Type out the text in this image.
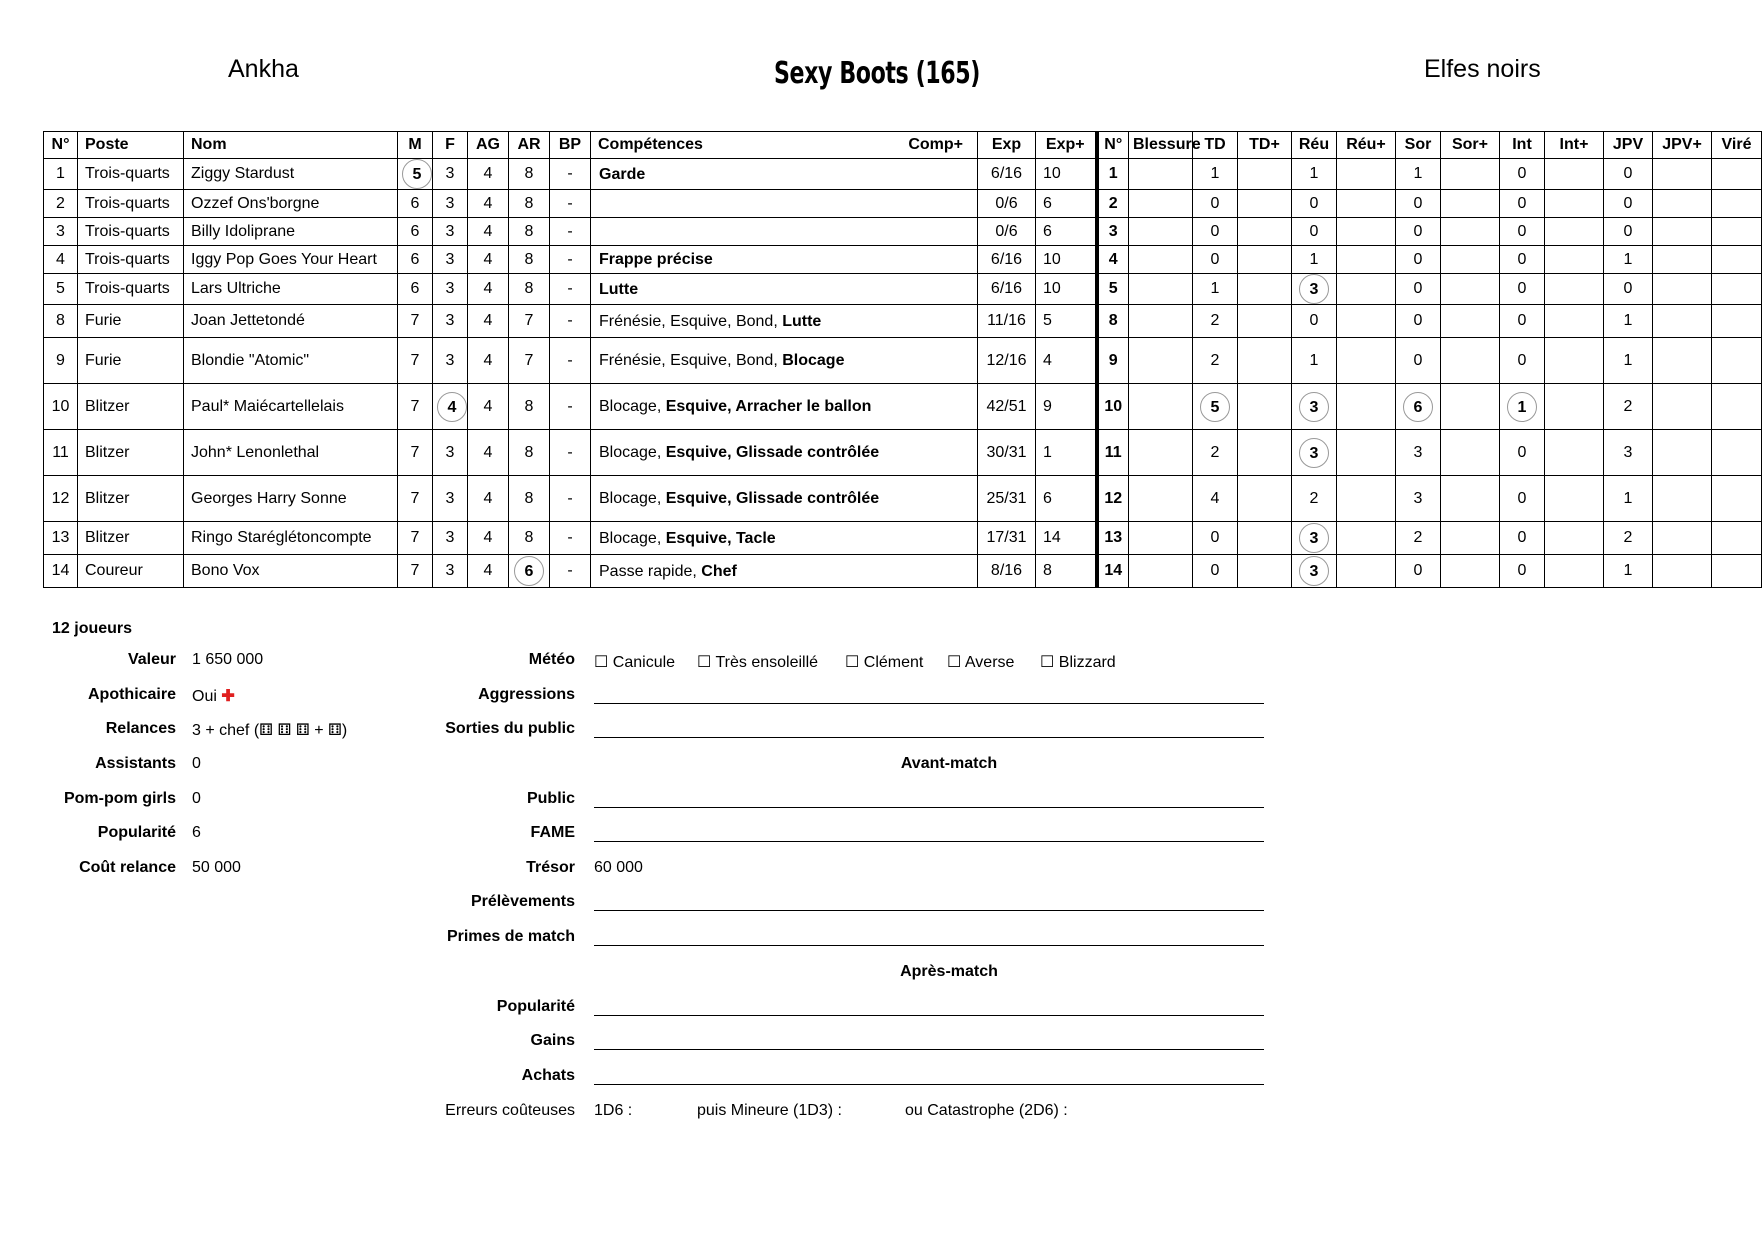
Ankha	Sexy Boots (165)	Elfes noirs
N°	Poste	Nom	M	F	AG	AR	BP	Compétences Comp+	Exp	Exp+	N°	Blessure	TD	TD+	Réu	Réu+	Sor	Sor+	Int	Int+	JPV	JPV+	Viré
1	Trois-quarts	Ziggy Stardust	5	3	4	8	-	Garde	6/16	10	1		1		1		1		0		0		
2	Trois-quarts	Ozzef Ons'borgne	6	3	4	8	-		0/6	6	2		0		0		0		0		0		
3	Trois-quarts	Billy Idoliprane	6	3	4	8	-		0/6	6	3		0		0		0		0		0		
4	Trois-quarts	Iggy Pop Goes Your Heart	6	3	4	8	-	Frappe précise	6/16	10	4		0		1		0		0		1		
5	Trois-quarts	Lars Ultriche	6	3	4	8	-	Lutte	6/16	10	5		1		3		0		0		0		
8	Furie	Joan Jettetondé	7	3	4	7	-	Frénésie, Esquive, Bond, Lutte	11/16	5	8		2		0		0		0		1		
9	Furie	Blondie "Atomic"	7	3	4	7	-	Frénésie, Esquive, Bond, Blocage	12/16	4	9		2		1		0		0		1		
10	Blitzer	Paul* Maiécartellelais	7	4	4	8	-	Blocage, Esquive, Arracher le ballon	42/51	9	10		5		3		6		1		2		
11	Blitzer	John* Lenonlethal	7	3	4	8	-	Blocage, Esquive, Glissade contrôlée	30/31	1	11		2		3		3		0		3		
12	Blitzer	Georges Harry Sonne	7	3	4	8	-	Blocage, Esquive, Glissade contrôlée	25/31	6	12		4		2		3		0		1		
13	Blitzer	Ringo Staréglétoncompte	7	3	4	8	-	Blocage, Esquive, Tacle	17/31	14	13		0		3		2		0		2		
14	Coureur	Bono Vox	7	3	4	6	-	Passe rapide, Chef	8/16	8	14		0		3		0		0		1		
12 joueurs
Valeur 1 650 000
Apothicaire Oui ✚
Relances 3 + chef (⚅ ⚅ ⚅ + ⚅)
Assistants 0
Pom-pom girls 0
Popularité 6
Coût relance 50 000
Météo ☐ Canicule ☐ Très ensoleillé ☐ Clément ☐ Averse ☐ Blizzard
Aggressions
Sorties du public
Avant-match
Public
FAME
Trésor 60 000
Prélèvements
Primes de match
Après-match
Popularité
Gains
Achats
Erreurs coûteuses 1D6 :	puis Mineure (1D3) :	ou Catastrophe (2D6) :
